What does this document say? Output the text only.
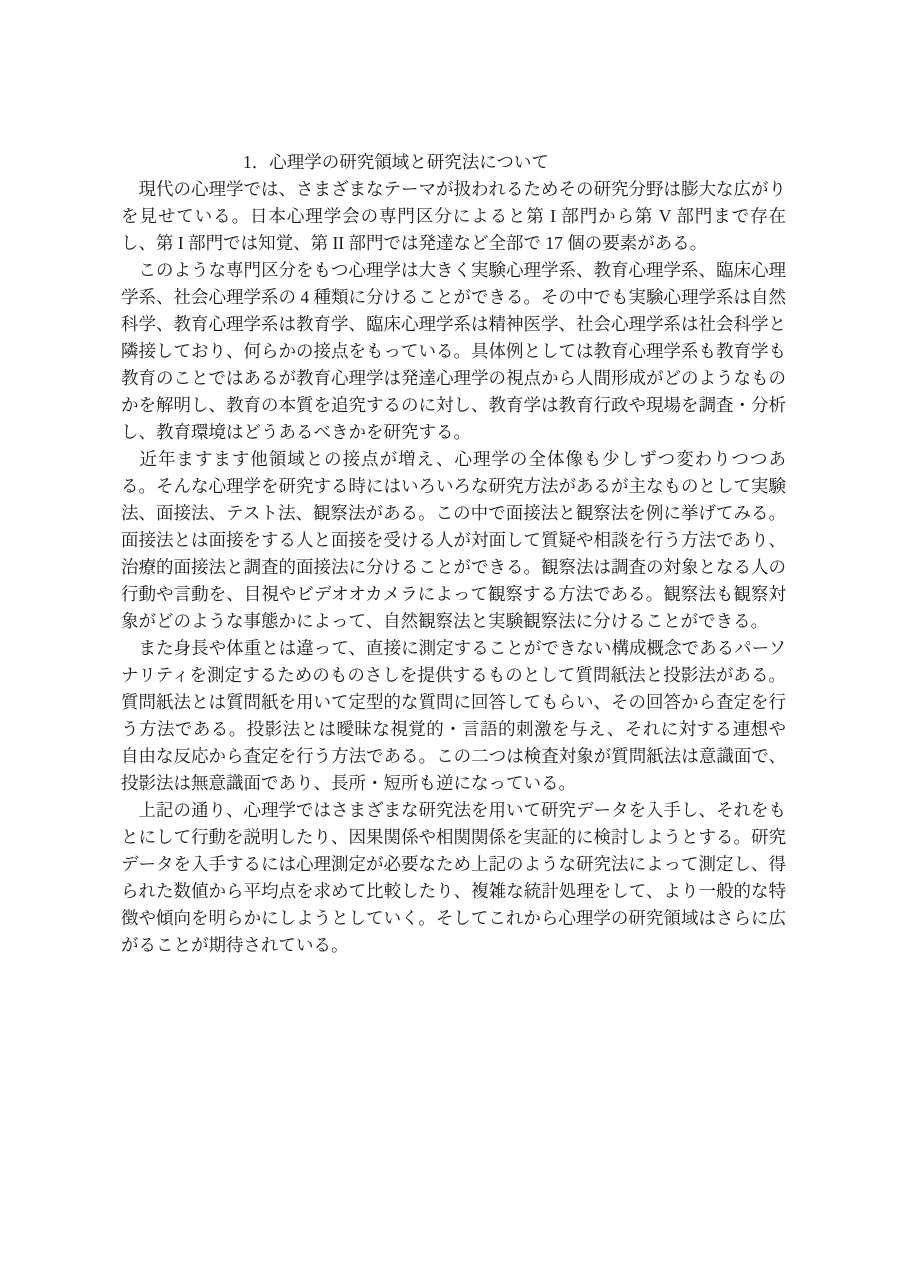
1．心理学の研究領域と研究法について

　現代の心理学では、さまざまなテーマが扱われるためその研究分野は膨大な広がりを見せている。日本心理学会の専門区分によると第 I 部門から第 V 部門まで存在し、第 I 部門では知覚、第 II 部門では発達など全部で 17 個の要素がある。

　このような専門区分をもつ心理学は大きく実験心理学系、教育心理学系、臨床心理学系、社会心理学系の 4 種類に分けることができる。その中でも実験心理学系は自然科学、教育心理学系は教育学、臨床心理学系は精神医学、社会心理学系は社会科学と隣接しており、何らかの接点をもっている。具体例としては教育心理学系も教育学も教育のことではあるが教育心理学は発達心理学の視点から人間形成がどのようなものかを解明し、教育の本質を追究するのに対し、教育学は教育行政や現場を調査・分析し、教育環境はどうあるべきかを研究する。

　近年ますます他領域との接点が増え、心理学の全体像も少しずつ変わりつつある。そんな心理学を研究する時にはいろいろな研究方法があるが主なものとして実験法、面接法、テスト法、観察法がある。この中で面接法と観察法を例に挙げてみる。面接法とは面接をする人と面接を受ける人が対面して質疑や相談を行う方法であり、治療的面接法と調査的面接法に分けることができる。観察法は調査の対象となる人の行動や言動を、目視やビデオオカメラによって観察する方法である。観察法も観察対象がどのような事態かによって、自然観察法と実験観察法に分けることができる。

　また身長や体重とは違って、直接に測定することができない構成概念であるパーソナリティを測定するためのものさしを提供するものとして質問紙法と投影法がある。質問紙法とは質問紙を用いて定型的な質問に回答してもらい、その回答から査定を行う方法である。投影法とは曖昧な視覚的・言語的刺激を与え、それに対する連想や自由な反応から査定を行う方法である。この二つは検査対象が質問紙法は意識面で、投影法は無意識面であり、長所・短所も逆になっている。

　上記の通り、心理学ではさまざまな研究法を用いて研究データを入手し、それをもとにして行動を説明したり、因果関係や相関関係を実証的に検討しようとする。研究データを入手するには心理測定が必要なため上記のような研究法によって測定し、得られた数値から平均点を求めて比較したり、複雑な統計処理をして、より一般的な特徴や傾向を明らかにしようとしていく。そしてこれから心理学の研究領域はさらに広がることが期待されている。
